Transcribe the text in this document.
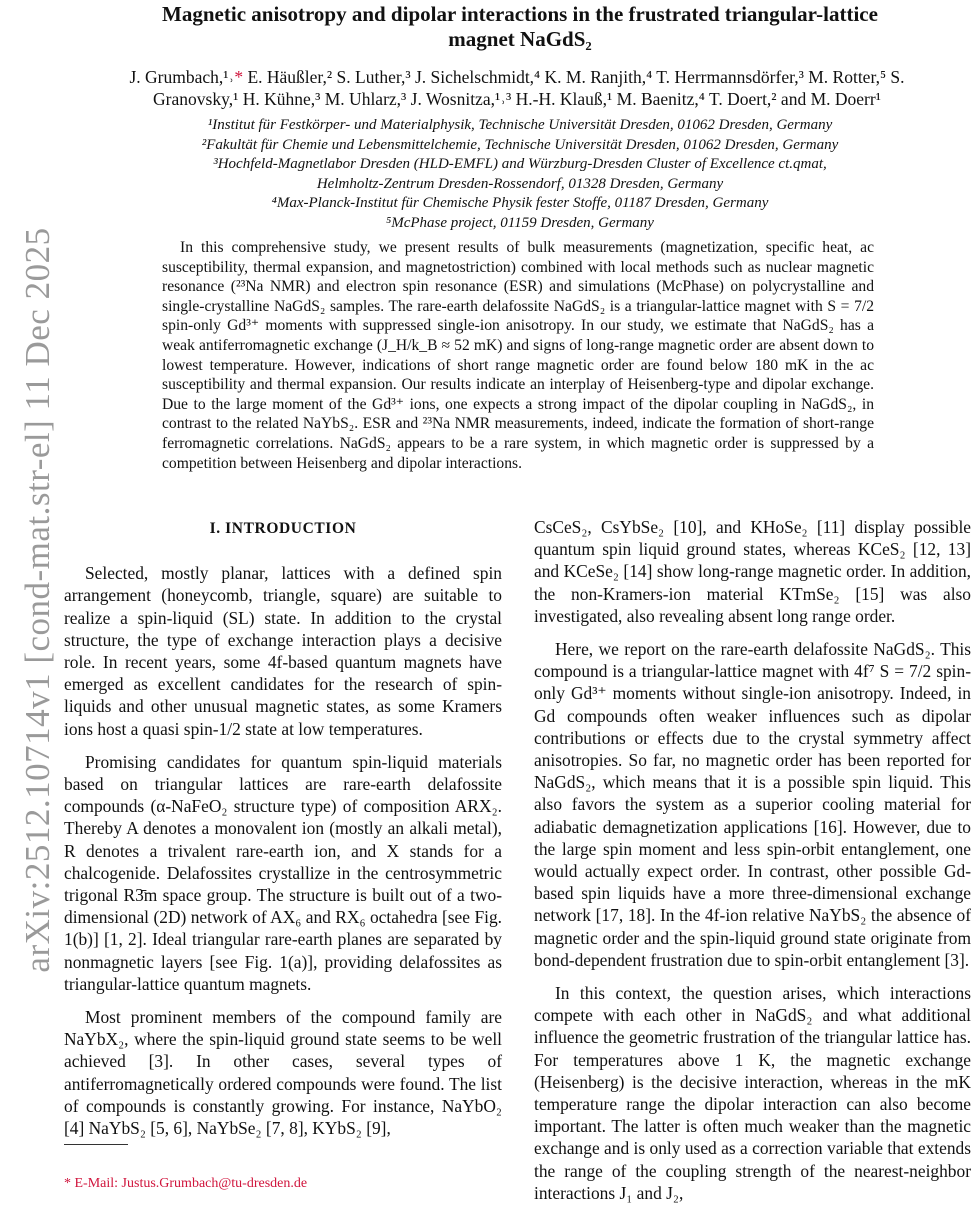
arXiv:2512.10714v1 [cond-mat.str-el] 11 Dec 2025
Magnetic anisotropy and dipolar interactions in the frustrated triangular-lattice
magnet NaGdS₂
J. Grumbach,¹˒* E. Häußler,² S. Luther,³ J. Sichelschmidt,⁴ K. M. Ranjith,⁴ T. Herrmannsdörfer,³ M. Rotter,⁵ S.
Granovsky,¹ H. Kühne,³ M. Uhlarz,³ J. Wosnitza,¹˒³ H.-H. Klauß,¹ M. Baenitz,⁴ T. Doert,² and M. Doerr¹
¹Institut für Festkörper- und Materialphysik, Technische Universität Dresden, 01062 Dresden, Germany
²Fakultät für Chemie und Lebensmittelchemie, Technische Universität Dresden, 01062 Dresden, Germany
³Hochfeld-Magnetlabor Dresden (HLD-EMFL) and Würzburg-Dresden Cluster of Excellence ct.qmat,
Helmholtz-Zentrum Dresden-Rossendorf, 01328 Dresden, Germany
⁴Max-Planck-Institut für Chemische Physik fester Stoffe, 01187 Dresden, Germany
⁵McPhase project, 01159 Dresden, Germany

In this comprehensive study, we present results of bulk measurements (magnetization, specific heat, ac susceptibility, thermal expansion, and magnetostriction) combined with local methods such as nuclear magnetic resonance (²³Na NMR) and electron spin resonance (ESR) and simulations (McPhase) on polycrystalline and single-crystalline NaGdS₂ samples. The rare-earth delafossite NaGdS₂ is a triangular-lattice magnet with S = 7/2 spin-only Gd³⁺ moments with suppressed single-ion anisotropy. In our study, we estimate that NaGdS₂ has a weak antiferromagnetic exchange (J_H/k_B ≈ 52 mK) and signs of long-range magnetic order are absent down to lowest temperature. However, indications of short range magnetic order are found below 180 mK in the ac susceptibility and thermal expansion. Our results indicate an interplay of Heisenberg-type and dipolar exchange. Due to the large moment of the Gd³⁺ ions, one expects a strong impact of the dipolar coupling in NaGdS₂, in contrast to the related NaYbS₂. ESR and ²³Na NMR measurements, indeed, indicate the formation of short-range ferromagnetic correlations. NaGdS₂ appears to be a rare system, in which magnetic order is suppressed by a competition between Heisenberg and dipolar interactions.

I. INTRODUCTION

Selected, mostly planar, lattices with a defined spin arrangement (honeycomb, triangle, square) are suitable to realize a spin-liquid (SL) state. In addition to the crystal structure, the type of exchange interaction plays a decisive role. In recent years, some 4f-based quantum magnets have emerged as excellent candidates for the research of spin-liquids and other unusual magnetic states, as some Kramers ions host a quasi spin-1/2 state at low temperatures.

Promising candidates for quantum spin-liquid materials based on triangular lattices are rare-earth delafossite compounds (α-NaFeO₂ structure type) of composition ARX₂. Thereby A denotes a monovalent ion (mostly an alkali metal), R denotes a trivalent rare-earth ion, and X stands for a chalcogenide. Delafossites crystallize in the centrosymmetric trigonal R3̄m space group. The structure is built out of a two-dimensional (2D) network of AX₆ and RX₆ octahedra [see Fig. 1(b)] [1, 2]. Ideal triangular rare-earth planes are separated by nonmagnetic layers [see Fig. 1(a)], providing delafossites as triangular-lattice quantum magnets.

Most prominent members of the compound family are NaYbX₂, where the spin-liquid ground state seems to be well achieved [3]. In other cases, several types of antiferromagnetically ordered compounds were found. The list of compounds is constantly growing. For instance, NaYbO₂ [4] NaYbS₂ [5, 6], NaYbSe₂ [7, 8], KYbS₂ [9],

CsCeS₂, CsYbSe₂ [10], and KHoSe₂ [11] display possible quantum spin liquid ground states, whereas KCeS₂ [12, 13] and KCeSe₂ [14] show long-range magnetic order. In addition, the non-Kramers-ion material KTmSe₂ [15] was also investigated, also revealing absent long range order.

Here, we report on the rare-earth delafossite NaGdS₂. This compound is a triangular-lattice magnet with 4f⁷ S = 7/2 spin-only Gd³⁺ moments without single-ion anisotropy. Indeed, in Gd compounds often weaker influences such as dipolar contributions or effects due to the crystal symmetry affect anisotropies. So far, no magnetic order has been reported for NaGdS₂, which means that it is a possible spin liquid. This also favors the system as a superior cooling material for adiabatic demagnetization applications [16]. However, due to the large spin moment and less spin-orbit entanglement, one would actually expect order. In contrast, other possible Gd-based spin liquids have a more three-dimensional exchange network [17, 18]. In the 4f-ion relative NaYbS₂ the absence of magnetic order and the spin-liquid ground state originate from bond-dependent frustration due to spin-orbit entanglement [3].

In this context, the question arises, which interactions compete with each other in NaGdS₂ and what additional influence the geometric frustration of the triangular lattice has. For temperatures above 1 K, the magnetic exchange (Heisenberg) is the decisive interaction, whereas in the mK temperature range the dipolar interaction can also become important. The latter is often much weaker than the magnetic exchange and is only used as a correction variable that extends the range of the coupling strength of the nearest-neighbor interactions J₁ and J₂,

* E-Mail: Justus.Grumbach@tu-dresden.de
